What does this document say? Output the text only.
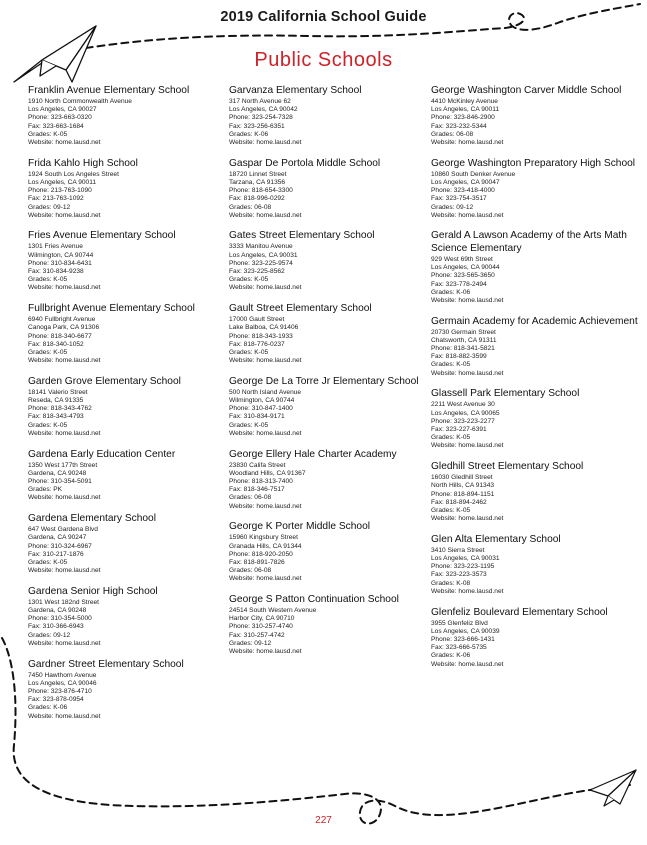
2019 California School Guide
Public Schools
Franklin Avenue Elementary School
1910 North Commonwealth Avenue
Los Angeles, CA 90027
Phone: 323-663-0320
Fax: 323-663-1684
Grades: K-05
Website: home.lausd.net
Frida Kahlo High School
1924 South Los Angeles Street
Los Angeles, CA 90011
Phone: 213-763-1090
Fax: 213-763-1092
Grades: 09-12
Website: home.lausd.net
Fries Avenue Elementary School
1301 Fries Avenue
Wilmington, CA 90744
Phone: 310-834-6431
Fax: 310-834-9238
Grades: K-05
Website: home.lausd.net
Fullbright Avenue Elementary School
6940 Fullbright Avenue
Canoga Park, CA 91306
Phone: 818-340-6677
Fax: 818-340-1052
Grades: K-05
Website: home.lausd.net
Garden Grove Elementary School
18141 Valerio Street
Reseda, CA 91335
Phone: 818-343-4762
Fax: 818-343-4793
Grades: K-05
Website: home.lausd.net
Gardena Early Education Center
1350 West 177th Street
Gardena, CA 90248
Phone: 310-354-5091
Grades: PK
Website: home.lausd.net
Gardena Elementary School
647 West Gardena Blvd
Gardena, CA 90247
Phone: 310-324-6967
Fax: 310-217-1876
Grades: K-05
Website: home.lausd.net
Gardena Senior High School
1301 West 182nd Street
Gardena, CA 90248
Phone: 310-354-5000
Fax: 310-366-6943
Grades: 09-12
Website: home.lausd.net
Gardner Street Elementary School
7450 Hawthorn Avenue
Los Angeles, CA 90046
Phone: 323-876-4710
Fax: 323-878-0954
Grades: K-06
Website: home.lausd.net
Garvanza Elementary School
317 North Avenue 62
Los Angeles, CA 90042
Phone: 323-254-7328
Fax: 323-256-6351
Grades: K-06
Website: home.lausd.net
Gaspar De Portola Middle School
18720 Linnet Street
Tarzana, CA 91356
Phone: 818-654-3300
Fax: 818-996-0292
Grades: 06-08
Website: home.lausd.net
Gates Street Elementary School
3333 Manitou Avenue
Los Angeles, CA 90031
Phone: 323-225-9574
Fax: 323-225-8562
Grades: K-05
Website: home.lausd.net
Gault Street Elementary School
17000 Gault Street
Lake Balboa, CA 91406
Phone: 818-343-1933
Fax: 818-776-0237
Grades: K-05
Website: home.lausd.net
George De La Torre Jr Elementary School
500 North Island Avenue
Wilmington, CA 90744
Phone: 310-847-1400
Fax: 310-834-9171
Grades: K-05
Website: home.lausd.net
George Ellery Hale Charter Academy
23830 Califa Street
Woodland Hills, CA 91367
Phone: 818-313-7400
Fax: 818-346-7517
Grades: 06-08
Website: home.lausd.net
George K Porter Middle School
15960 Kingsbury Street
Granada Hills, CA 91344
Phone: 818-920-2050
Fax: 818-891-7826
Grades: 06-08
Website: home.lausd.net
George S Patton Continuation School
24514 South Western Avenue
Harbor City, CA 90710
Phone: 310-257-4740
Fax: 310-257-4742
Grades: 09-12
Website: home.lausd.net
George Washington Carver Middle School
4410 McKinley Avenue
Los Angeles, CA 90011
Phone: 323-846-2900
Fax: 323-232-5344
Grades: 06-08
Website: home.lausd.net
George Washington Preparatory High School
10860 South Denker Avenue
Los Angeles, CA 90047
Phone: 323-418-4000
Fax: 323-754-3517
Grades: 09-12
Website: home.lausd.net
Gerald A Lawson Academy of the Arts Math Science Elementary
929 West 69th Street
Los Angeles, CA 90044
Phone: 323-565-3650
Fax: 323-778-2494
Grades: K-06
Website: home.lausd.net
Germain Academy for Academic Achievement
20730 Germain Street
Chatsworth, CA 91311
Phone: 818-341-5821
Fax: 818-882-3599
Grades: K-05
Website: home.lausd.net
Glassell Park Elementary School
2211 West Avenue 30
Los Angeles, CA 90065
Phone: 323-223-2277
Fax: 323-227-6391
Grades: K-05
Website: home.lausd.net
Gledhill Street Elementary School
16030 Gledhill Street
North Hills, CA 91343
Phone: 818-894-1151
Fax: 818-894-2462
Grades: K-05
Website: home.lausd.net
Glen Alta Elementary School
3410 Sierra Street
Los Angeles, CA 90031
Phone: 323-223-1195
Fax: 323-223-3573
Grades: K-08
Website: home.lausd.net
Glenfeliz Boulevard Elementary School
3955 Glenfeliz Blvd
Los Angeles, CA 90039
Phone: 323-666-1431
Fax: 323-666-5735
Grades: K-06
Website: home.lausd.net
227
